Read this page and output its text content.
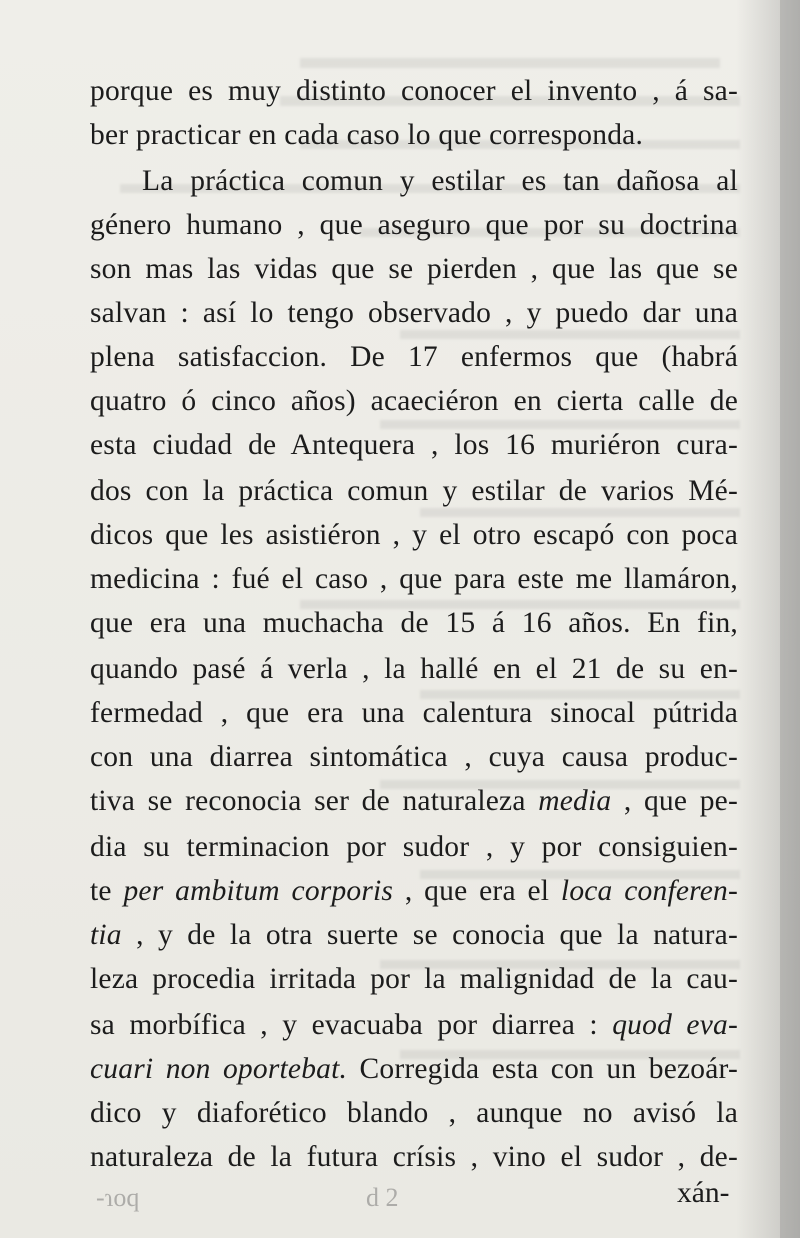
porque es muy distinto conocer el invento , á sa-
ber practicar en cada caso lo que corresponda.
La práctica comun y estilar es tan dañosa al
género humano , que aseguro que por su doctrina
son mas las vidas que se pierden , que las que se
salvan : así lo tengo observado , y puedo dar una
plena satisfaccion. De 17 enfermos que (habrá
quatro ó cinco años) acaeciéron en cierta calle de
esta ciudad de Antequera , los 16 muriéron cura-
dos con la práctica comun y estilar de varios Mé-
dicos que les asistiéron , y el otro escapó con poca
medicina : fué el caso , que para este me llamáron,
que era una muchacha de 15 á 16 años. En fin,
quando pasé á verla , la hallé en el 21 de su en-
fermedad , que era una calentura sinocal pútrida
con una diarrea sintomática , cuya causa produc-
tiva se reconocia ser de naturaleza media , que pe-
dia su terminacion por sudor , y por consiguien-
te per ambitum corporis , que era el loca conferen-
tia , y de la otra suerte se conocia que la natura-
leza procedia irritada por la malignidad de la cau-
sa morbífica , y evacuaba por diarrea : quod eva-
cuari non oportebat. Corregida esta con un bezoár-
dico y diaforético blando , aunque no avisó la
naturaleza de la futura crísis , vino el sudor , de-
-ɿoq	d 2	xán-
